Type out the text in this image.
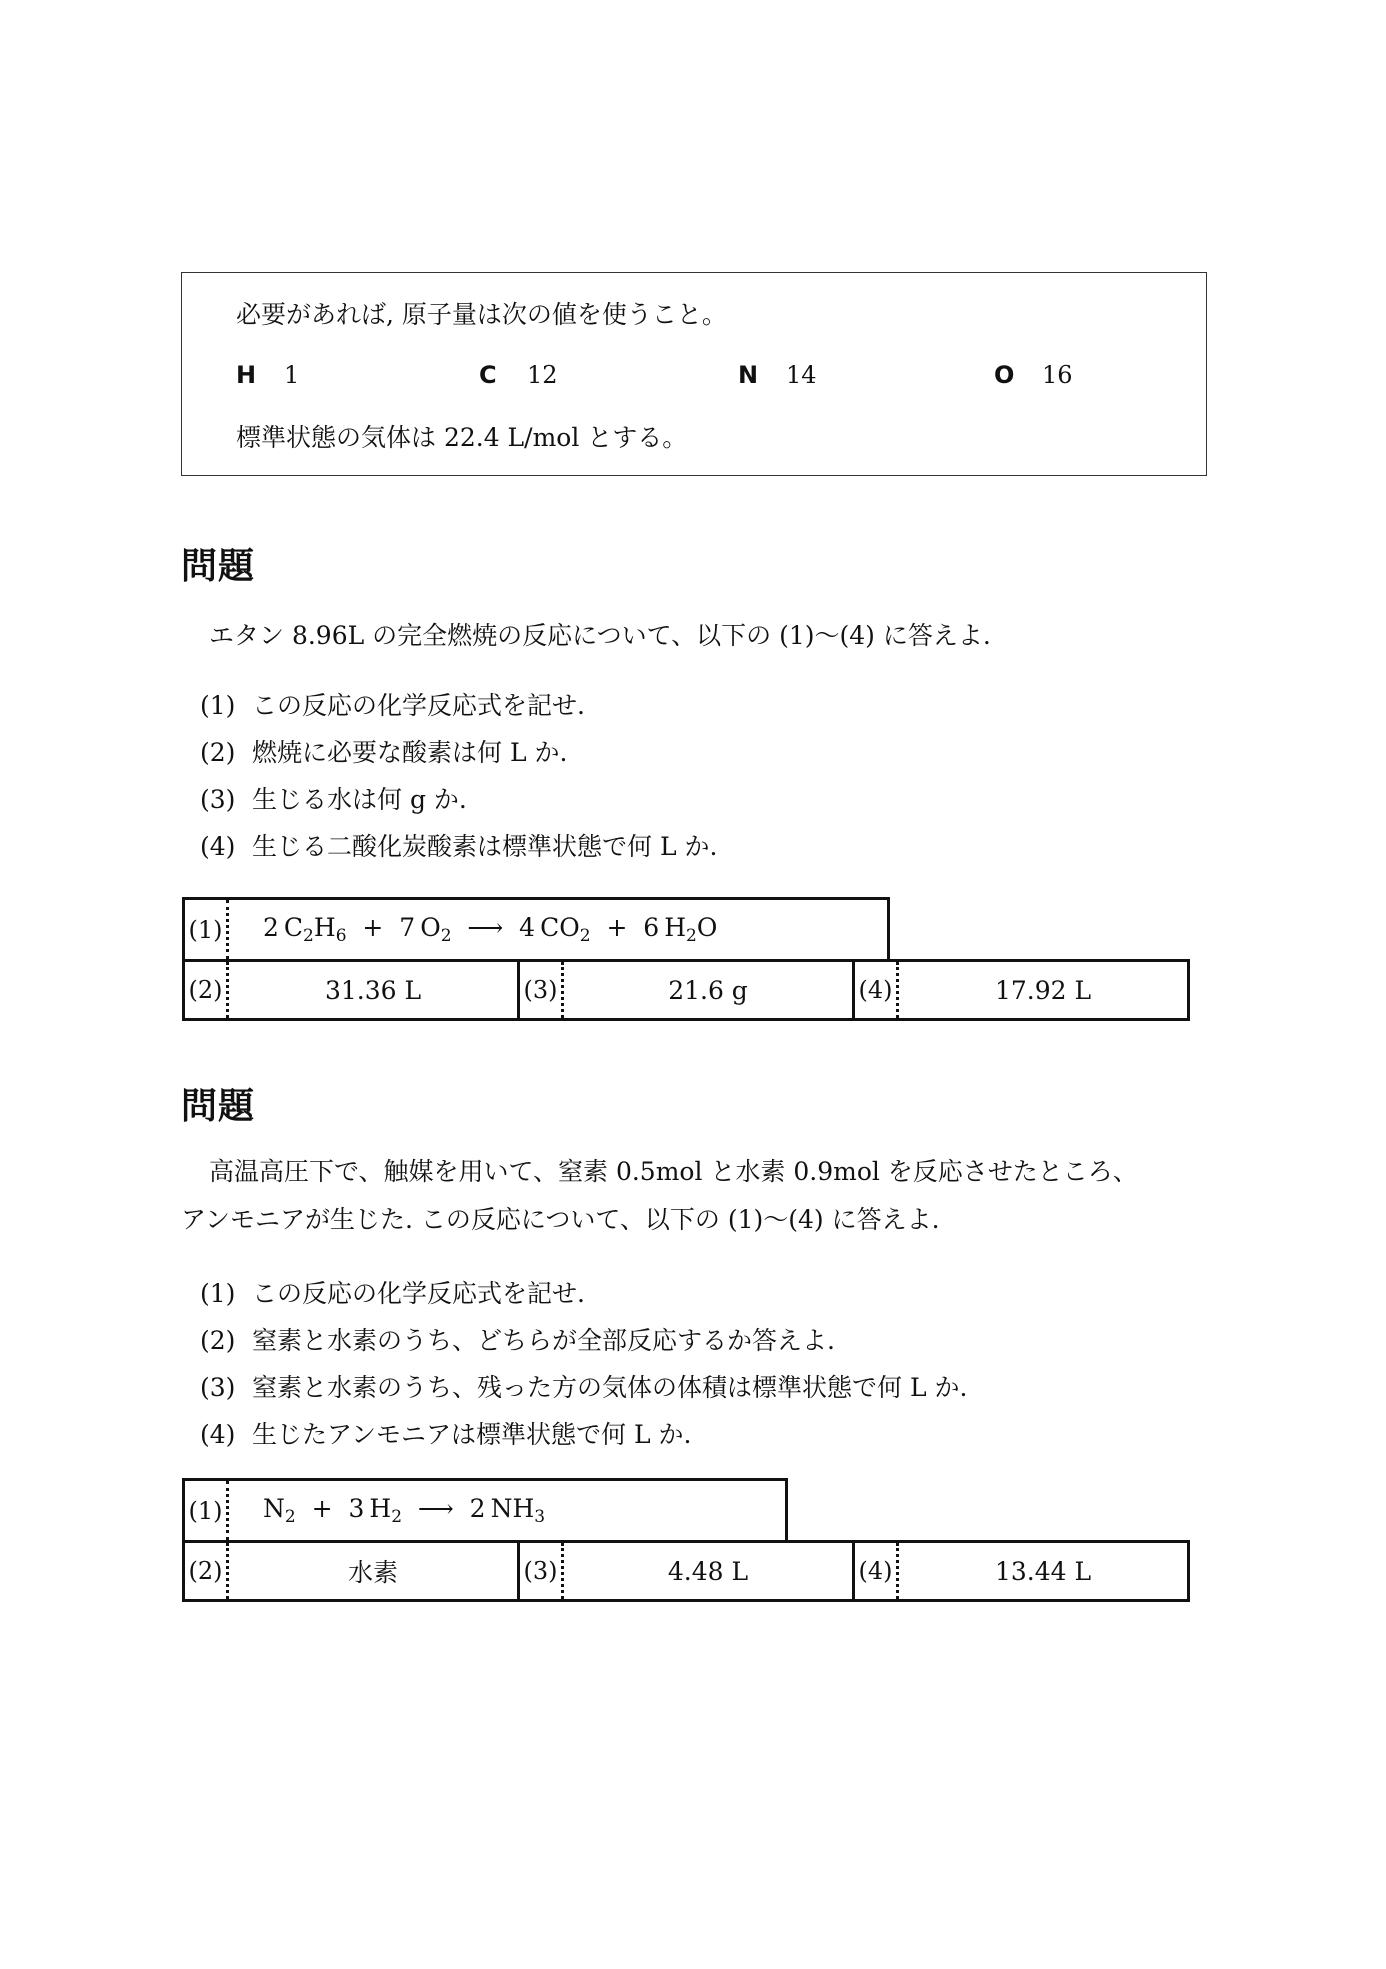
必要があれば, 原子量は次の値を使うこと。
H 1	C 12	N 14	O 16
標準状態の気体は 22.4 L/mol とする。
問題
エタン 8.96L の完全燃焼の反応について、以下の (1)〜(4) に答えよ.
(1) この反応の化学反応式を記せ.
(2) 燃焼に必要な酸素は何 L か.
(3) 生じる水は何 g か.
(4) 生じる二酸化炭酸素は標準状態で何 L か.
(1)	2  $C_2H_6 + 7$  $O_2$ ⟶ 4  $CO_2 + 6$  $H_2O$
(2)	31.36 L	(3)	21.6 g	(4)	17.92 L
問題
高温高圧下で、触媒を用いて、窒素 0.5mol と水素 0.9mol を反応させたところ、
アンモニアが生じた. この反応について、以下の (1)〜(4) に答えよ.
(1) この反応の化学反応式を記せ.
(2) 窒素と水素のうち、どちらが全部反応するか答えよ.
(3) 窒素と水素のうち、残った方の気体の体積は標準状態で何 L か.
(4) 生じたアンモニアは標準状態で何 L か.
(1)	$N_2 + 3$  $H_2$ ⟶ 2  $NH_3$
(2)	水素	(3)	4.48 L	(4)	13.44 L
